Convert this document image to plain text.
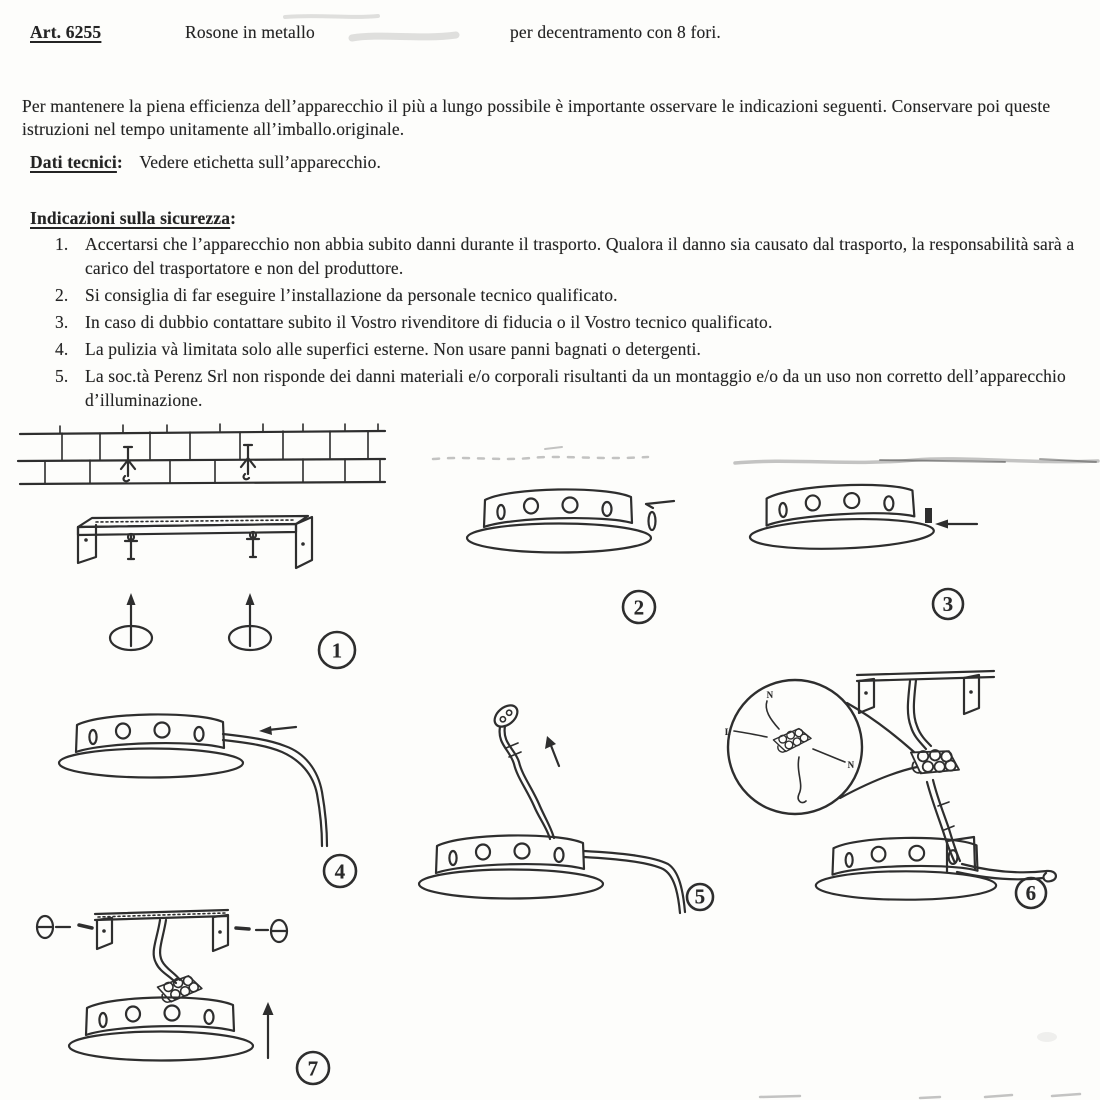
Art. 6255	Rosone in metallo	per decentramento con 8 fori.

Per mantenere la piena efficienza dell’apparecchio il più a lungo possibile è importante osservare le indicazioni seguenti. Conservare poi queste istruzioni nel tempo unitamente all’imballo.originale.

Dati tecnici: Vedere etichetta sull’apparecchio.
Indicazioni sulla sicurezza:
1. Accertarsi che l’apparecchio non abbia subito danni durante il trasporto. Qualora il danno sia causato dal trasporto, la responsabilità sarà a carico del trasportatore e non del produttore.
2. Si consiglia di far eseguire l’installazione da personale tecnico qualificato.
3. In caso di dubbio contattare subito il Vostro rivenditore di fiducia o il Vostro tecnico qualificato.
4. La pulizia và limitata solo alle superfici esterne. Non usare panni bagnati o detergenti.
5. La soc.tà Perenz Srl non risponde dei danni materiali e/o corporali risultanti da un montaggio e/o da un uso non corretto dell’apparecchio d’illuminazione.
1
2	3
4
5
N
L
N
6
7
